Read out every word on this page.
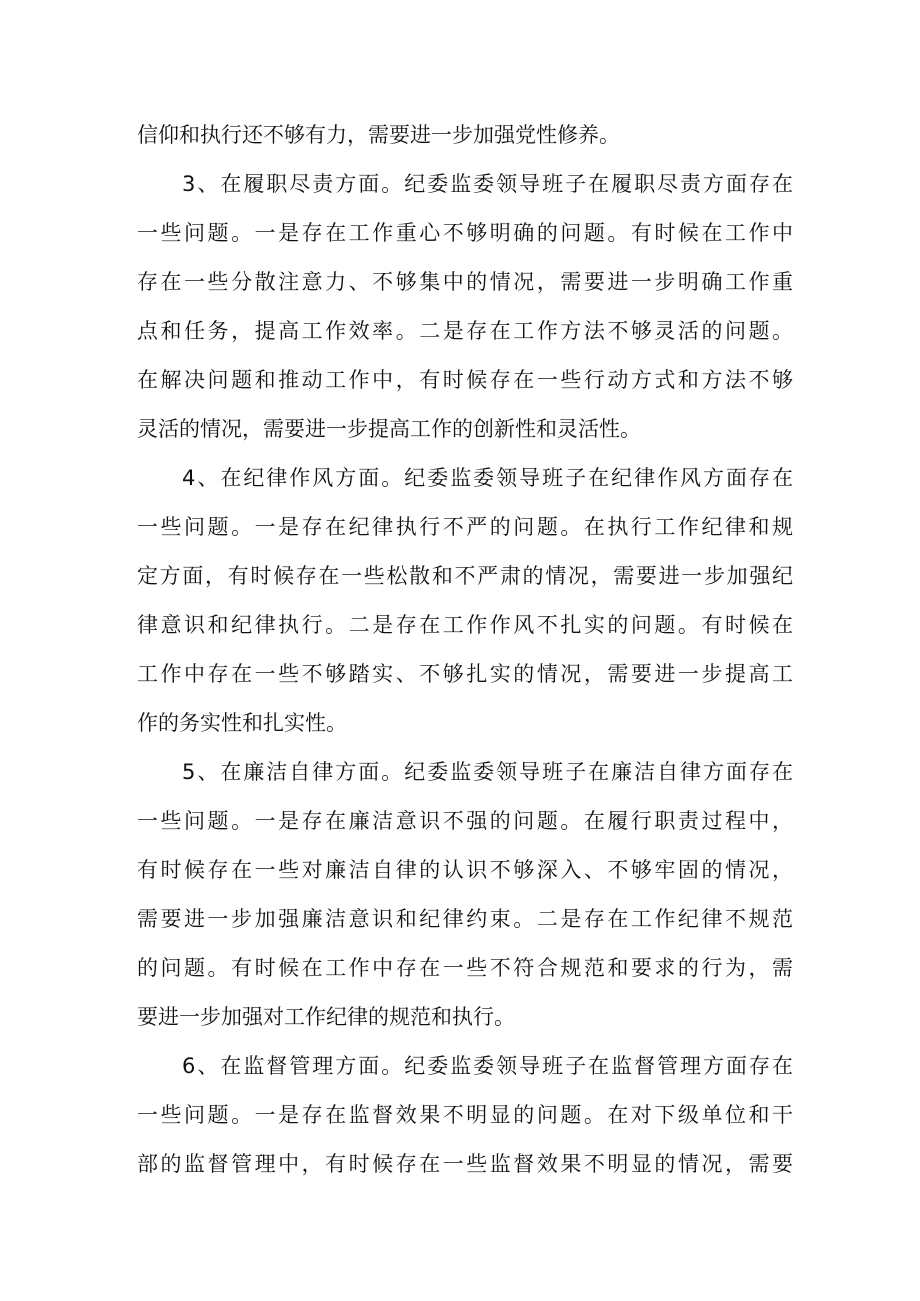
信仰和执行还不够有力，需要进一步加强党性修养。
3、在履职尽责方面。纪委监委领导班子在履职尽责方面存在
一些问题。一是存在工作重心不够明确的问题。有时候在工作中
存在一些分散注意力、不够集中的情况，需要进一步明确工作重
点和任务，提高工作效率。二是存在工作方法不够灵活的问题。
在解决问题和推动工作中，有时候存在一些行动方式和方法不够
灵活的情况，需要进一步提高工作的创新性和灵活性。
4、在纪律作风方面。纪委监委领导班子在纪律作风方面存在
一些问题。一是存在纪律执行不严的问题。在执行工作纪律和规
定方面，有时候存在一些松散和不严肃的情况，需要进一步加强纪
律意识和纪律执行。二是存在工作作风不扎实的问题。有时候在
工作中存在一些不够踏实、不够扎实的情况，需要进一步提高工
作的务实性和扎实性。
5、在廉洁自律方面。纪委监委领导班子在廉洁自律方面存在
一些问题。一是存在廉洁意识不强的问题。在履行职责过程中，
有时候存在一些对廉洁自律的认识不够深入、不够牢固的情况，
需要进一步加强廉洁意识和纪律约束。二是存在工作纪律不规范
的问题。有时候在工作中存在一些不符合规范和要求的行为，需
要进一步加强对工作纪律的规范和执行。
6、在监督管理方面。纪委监委领导班子在监督管理方面存在
一些问题。一是存在监督效果不明显的问题。在对下级单位和干
部的监督管理中，有时候存在一些监督效果不明显的情况，需要
